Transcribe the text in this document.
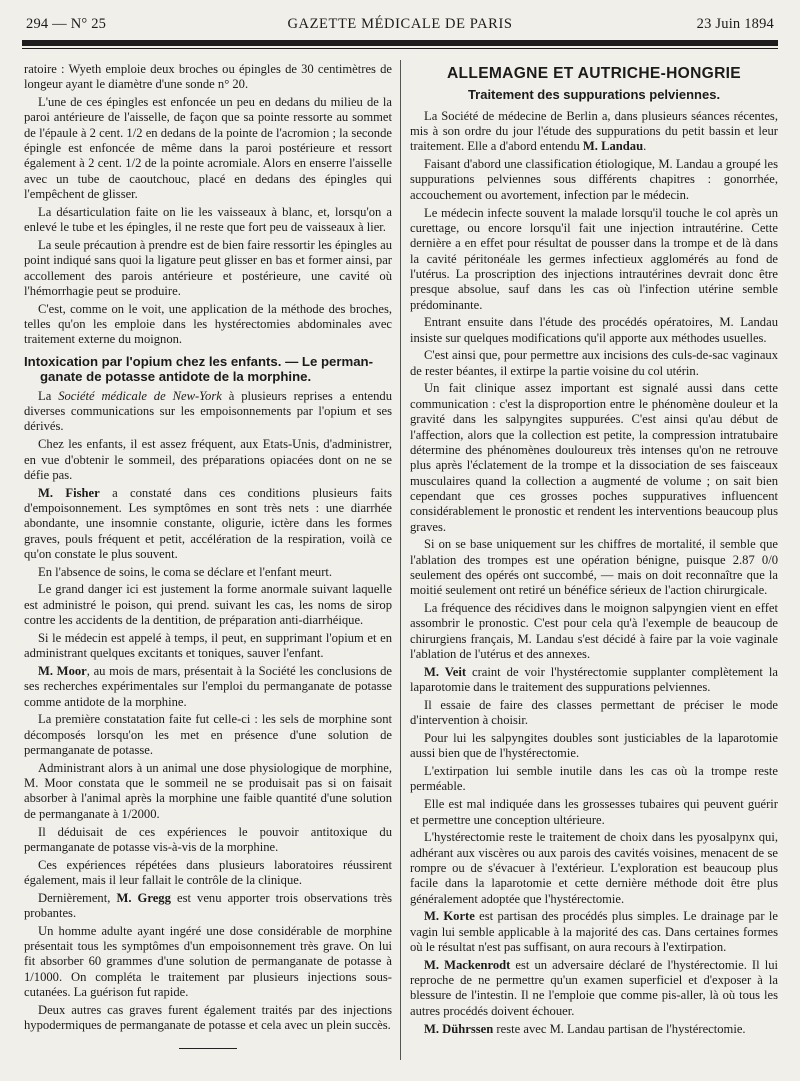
294 — N° 25	GAZETTE MÉDICALE DE PARIS	23 Juin 1894

ratoire : Wyeth emploie deux broches ou épingles de 30 centimètres de longeur ayant le diamètre d'une sonde n° 20.

L'une de ces épingles est enfoncée un peu en dedans du milieu de la paroi antérieure de l'aisselle, de façon que sa pointe ressorte au sommet de l'épaule à 2 cent. 1/2 en dedans de la pointe de l'acromion ; la seconde épingle est enfoncée de même dans la paroi postérieure et ressort également à 2 cent. 1/2 de la pointe acromiale. Alors en enserre l'aisselle avec un tube de caoutchouc, placé en dedans des épingles qui l'empêchent de glisser.

La désarticulation faite on lie les vaisseaux à blanc, et, lorsqu'on a enlevé le tube et les épingles, il ne reste que fort peu de vaisseaux à lier.

La seule précaution à prendre est de bien faire ressortir les épingles au point indiqué sans quoi la ligature peut glisser en bas et former ainsi, par accollement des parois antérieure et postérieure, une cavité où l'hémorrhagie peut se produire.

C'est, comme on le voit, une application de la méthode des broches, telles qu'on les emploie dans les hystérectomies abdominales avec traitement externe du moignon.

Intoxication par l'opium chez les enfants. — Le perman-
ganate de potasse antidote de la morphine.

La Société médicale de New-York à plusieurs reprises a entendu diverses communications sur les empoisonnements par l'opium et ses dérivés.

Chez les enfants, il est assez fréquent, aux Etats-Unis, d'administrer, en vue d'obtenir le sommeil, des préparations opiacées dont on ne se défie pas.

M. Fisher a constaté dans ces conditions plusieurs faits d'empoisonnement. Les symptômes en sont très nets : une diarrhée abondante, une insomnie constante, oligurie, ictère dans les formes graves, pouls fréquent et petit, accélération de la respiration, voilà ce qu'on constate le plus souvent.

En l'absence de soins, le coma se déclare et l'enfant meurt.

Le grand danger ici est justement la forme anormale suivant laquelle est administré le poison, qui prend. suivant les cas, les noms de sirop contre les accidents de la dentition, de préparation anti-diarrhéique.

Si le médecin est appelé à temps, il peut, en supprimant l'opium et en administrant quelques excitants et toniques, sauver l'enfant.

M. Moor, au mois de mars, présentait à la Société les conclusions de ses recherches expérimentales sur l'emploi du permanganate de potasse comme antidote de la morphine.

La première constatation faite fut celle-ci : les sels de morphine sont décomposés lorsqu'on les met en présence d'une solution de permanganate de potasse.

Administrant alors à un animal une dose physiologique de morphine, M. Moor constata que le sommeil ne se produisait pas si on faisait absorber à l'animal après la morphine une faible quantité d'une solution de permanganate à 1/2000.

Il déduisait de ces expériences le pouvoir antitoxique du permanganate de potasse vis-à-vis de la morphine.

Ces expériences répétées dans plusieurs laboratoires réussirent également, mais il leur fallait le contrôle de la clinique.

Dernièrement, M. Gregg est venu apporter trois observations très probantes.

Un homme adulte ayant ingéré une dose considérable de morphine présentait tous les symptômes d'un empoisonnement très grave. On lui fit absorber 60 grammes d'une solution de permanganate de potasse à 1/1000. On compléta le traitement par plusieurs injections sous-cutanées. La guérison fut rapide.

Deux autres cas graves furent également traités par des injections hypodermiques de permanganate de potasse et cela avec un plein succès.

ALLEMAGNE ET AUTRICHE-HONGRIE
Traitement des suppurations pelviennes.

La Société de médecine de Berlin a, dans plusieurs séances récentes, mis à son ordre du jour l'étude des suppurations du petit bassin et leur traitement. Elle a d'abord entendu M. Landau.

Faisant d'abord une classification étiologique, M. Landau a groupé les suppurations pelviennes sous différents chapitres : gonorrhée, accouchement ou avortement, infection par le médecin.

Le médecin infecte souvent la malade lorsqu'il touche le col après un curettage, ou encore lorsqu'il fait une injection intrautérine. Cette dernière a en effet pour résultat de pousser dans la trompe et de là dans la cavité péritonéale les germes infectieux agglomérés au fond de l'utérus. La proscription des injections intrautérines devrait donc être presque absolue, sauf dans les cas où l'infection utérine semble prédominante.

Entrant ensuite dans l'étude des procédés opératoires, M. Landau insiste sur quelques modifications qu'il apporte aux méthodes usuelles.

C'est ainsi que, pour permettre aux incisions des culs-de-sac vaginaux de rester béantes, il extirpe la partie voisine du col utérin.

Un fait clinique assez important est signalé aussi dans cette communication : c'est la disproportion entre le phénomène douleur et la gravité dans les salpyngites suppurées. C'est ainsi qu'au début de l'affection, alors que la collection est petite, la compression intratubaire détermine des phénomènes douloureux très intenses qu'on ne retrouve plus après l'éclatement de la trompe et la dissociation de ses faisceaux musculaires quand la collection a augmenté de volume ; on sait bien cependant que ces grosses poches suppuratives influencent considérablement le pronostic et rendent les interventions beaucoup plus graves.

Si on se base uniquement sur les chiffres de mortalité, il semble que l'ablation des trompes est une opération bénigne, puisque 2.87 0/0 seulement des opérés ont succombé, — mais on doit reconnaître que la moitié seulement ont retiré un bénéfice sérieux de l'action chirurgicale.

La fréquence des récidives dans le moignon salpyngien vient en effet assombrir le pronostic. C'est pour cela qu'à l'exemple de beaucoup de chirurgiens français, M. Landau s'est décidé à faire par la voie vaginale l'ablation de l'utérus et des annexes.

M. Veit craint de voir l'hystérectomie supplanter complètement la laparotomie dans le traitement des suppurations pelviennes.

Il essaie de faire des classes permettant de préciser le mode d'intervention à choisir.

Pour lui les salpyngites doubles sont justiciables de la laparotomie aussi bien que de l'hystérectomie.

L'extirpation lui semble inutile dans les cas où la trompe reste perméable.

Elle est mal indiquée dans les grossesses tubaires qui peuvent guérir et permettre une conception ultérieure.

L'hystérectomie reste le traitement de choix dans les pyosalpynx qui, adhérant aux viscères ou aux parois des cavités voisines, menacent de se rompre ou de s'évacuer à l'extérieur. L'exploration est beaucoup plus facile dans la laparotomie et cette dernière méthode doit être plus généralement adoptée que l'hystérectomie.

M. Korte est partisan des procédés plus simples. Le drainage par le vagin lui semble applicable à la majorité des cas. Dans certaines formes où le résultat n'est pas suffisant, on aura recours à l'extirpation.

M. Mackenrodt est un adversaire déclaré de l'hystérectomie. Il lui reproche de ne permettre qu'un examen superficiel et d'exposer à la blessure de l'intestin. Il ne l'emploie que comme pis-aller, là où tous les autres procédés doivent échouer.

M. Dührssen reste avec M. Landau partisan de l'hystérectomie.
